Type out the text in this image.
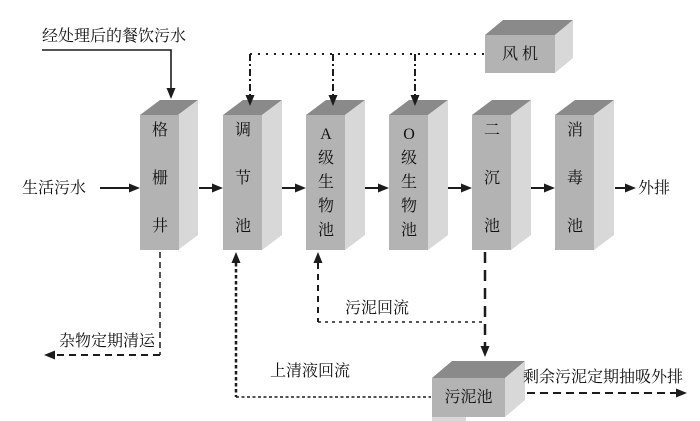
经处理后的餐饮污水
生活污水	外排
风 机
格栅井
调节池
A级生物池
O级生物池
二沉池
消毒池
污泥池
杂物定期清运
污泥回流
上清液回流	剩余污泥定期抽吸外排
